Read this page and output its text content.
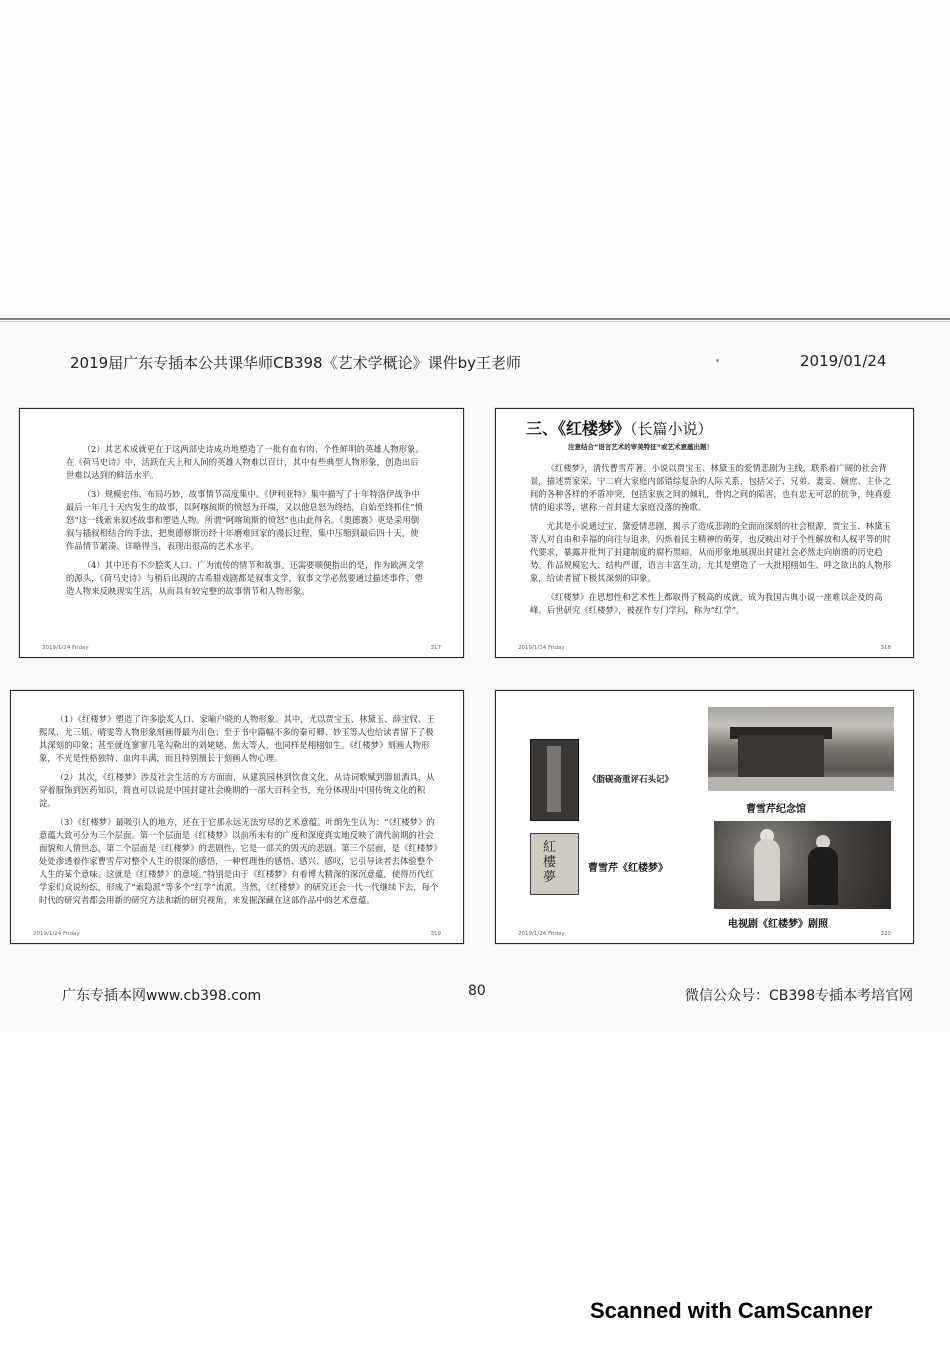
2019届广东专插本公共课华师CB398《艺术学概论》课件by王老师	2019/01/24

（2）其艺术成就更在于这两部史诗成功地塑造了一批有血有肉、个性鲜明的英雄人物形象。在《荷马史诗》中，活跃在天上和人间的英雄人物难以百计，其中有些典型人物形象，创造出后世难以达到的鲜活水平。

（3）规模宏伟、布局巧妙，故事情节高度集中。《伊利亚特》集中描写了十年特洛伊战争中最后一年几十天内发生的故事，以阿喀琉斯的愤怒为开端，又以他息怒为终结，自始至终抓住“愤怒”这一线索来叙述故事和塑造人物。所谓“阿喀琉斯的愤怒”也由此得名。《奥德赛》更是采用倒叙与插叙相结合的手法，把奥德修斯历经十年磨难回家的漫长过程，集中压缩到最后四十天，使作品情节紧凑、详略得当，表现出很高的艺术水平。

（4）其中还有不少脍炙人口、广为流传的情节和故事。还需要顺便指出的是，作为欧洲文学的源头，《荷马史诗》与稍后出现的古希腊戏剧都是叙事文学，叙事文学必然要通过描述事件、塑造人物来反映现实生活，从而具有较完整的故事情节和人物形象。

2019/1/24 Friday	317
三、《红楼梦》（长篇小说）
注意结合“语言艺术的审美特征”或艺术意蕴出题！

《红楼梦》，清代曹雪芹著。小说以贾宝玉、林黛玉的爱情悲剧为主线，联系着广阔的社会背景，描述贾家荣、宁二府大家庭内部错综复杂的人际关系，包括父子、兄弟、妻妾、嫡庶、主仆之间的各种各样的矛盾冲突，包括家族之间的倾轧，骨肉之间的陷害，也有忠无可忍的抗争，纯真爱情的追求等，堪称一首封建大家庭没落的挽歌。

尤其是小说通过宝、黛爱情悲剧，揭示了造成悲剧的全面而深刻的社会根源，贾宝玉、林黛玉等人对自由和幸福的向往与追求，闪烁着民主精神的萌芽，也反映出对于个性解放和人权平等的时代要求，暴露并批判了封建制度的腐朽黑暗，从而形象地展现出封建社会必然走向崩溃的历史趋势。作品规模宏大、结构严谨，语言丰富生动，尤其是塑造了一大批栩栩如生、呼之欲出的人物形象，给读者留下极其深刻的印象。

《红楼梦》在思想性和艺术性上都取得了极高的成就，成为我国古典小说一座难以企及的高峰。后世研究《红楼梦》，被视作专门学问，称为“红学”。

2019/1/24 Friday	318

（1）《红楼梦》塑造了许多脍炙人口、家喻户晓的人物形象。其中，尤以贾宝玉、林黛玉、薛宝钗、王熙凤、尤三姐、晴雯等人物形象刻画得最为出色；至于书中篇幅不多的秦可卿、妙玉等人也给读者留下了极其深刻的印象；甚至就连寥寥几笔勾勒出的刘姥姥、焦大等人，也同样是栩栩如生。《红楼梦》刻画人物形象，不光是性格独特、血肉丰满，而且特别擅长于刻画人物心理。

（2）其次，《红楼梦》涉及社会生活的方方面面，从建筑园林到饮食文化，从诗词歌赋到器皿酒具，从穿着服饰到医药知识，简直可以说是中国封建社会晚期的一部大百科全书，充分体现出中国传统文化的积淀。

（3）《红楼梦》最吸引人的地方，还在于它那永远无法穷尽的艺术意蕴。叶朗先生认为：“《红楼梦》的意蕴大致可分为三个层面。第一个层面是《红楼梦》以前所未有的广度和深度真实地反映了清代前期的社会面貌和人情世态，第二个层面是《红楼梦》的悲剧性，它是一部关的毁灭的悲剧。第三个层面，是《红楼梦》处处渗透着作家曹雪芹对整个人生的很深的感悟，一种哲理性的感悟、感兴、感叹，它引导读者去体验整个人生的某个意味。这就是《红楼梦》的意境。”特别是由于《红楼梦》有着博大精深的深沉意蕴，使得历代红学家们众说纷纭，形成了“索隐派”等多个“红学”流派。当然，《红楼梦》的研究还会一代一代继续下去，每个时代的研究者都会用新的研究方法和新的研究视角，来发掘深藏在这部作品中的艺术意蕴。

2019/1/24 Friday	319
《脂砚斋重评石头记》
紅
樓
夢
曹雪芹《红楼梦》
曹雪芹纪念馆
电视剧《红楼梦》剧照
2019/1/24 Friday	320
广东专插本网www.cb398.com	80	微信公众号：CB398专插本考培官网
Scanned with CamScanner
